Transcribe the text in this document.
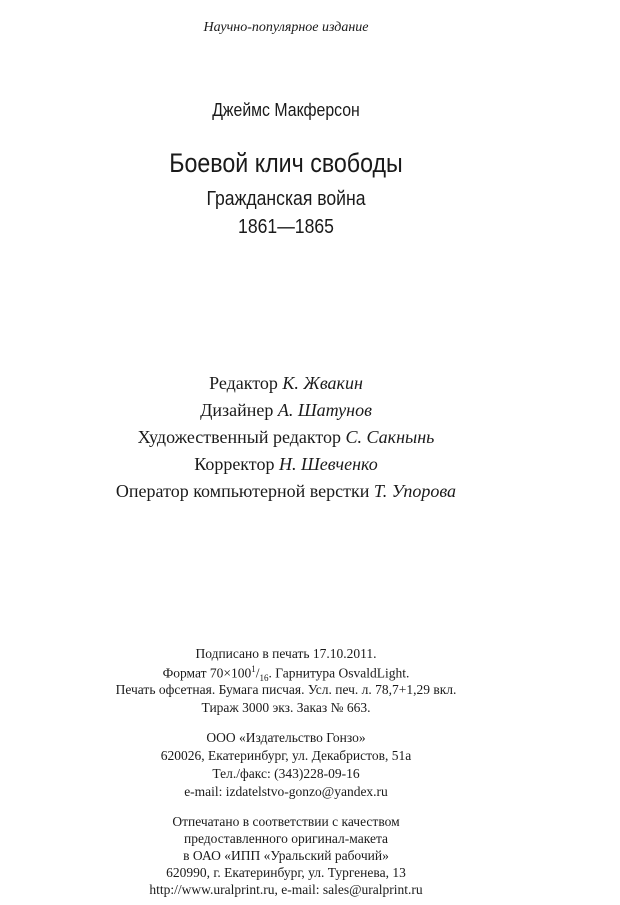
Научно-популярное издание
Джеймс Макферсон
Боевой клич свободы
Гражданская война
1861—1865
Редактор К. Жвакин
Дизайнер А. Шатунов
Художественный редактор С. Сакнынь
Корректор Н. Шевченко
Оператор компьютерной верстки Т. Упорова
Подписано в печать 17.10.2011.
Формат $70\times 100^1/_{16}$. Гарнитура OsvaldLight.
Печать офсетная. Бумага писчая. Усл. печ. л. 78,7+1,29 вкл.
Тираж 3000 экз. Заказ № 663.
ООО «Издательство Гонзо»
620026, Екатеринбург, ул. Декабристов, 51а
Тел./факс: (343)228-09-16
e-mail: izdatelstvo-gonzo@yandex.ru
Отпечатано в соответствии с качеством
предоставленного оригинал-макета
в ОАО «ИПП «Уральский рабочий»
620990, г. Екатеринбург, ул. Тургенева, 13
http://www.uralprint.ru, e-mail: sales@uralprint.ru
